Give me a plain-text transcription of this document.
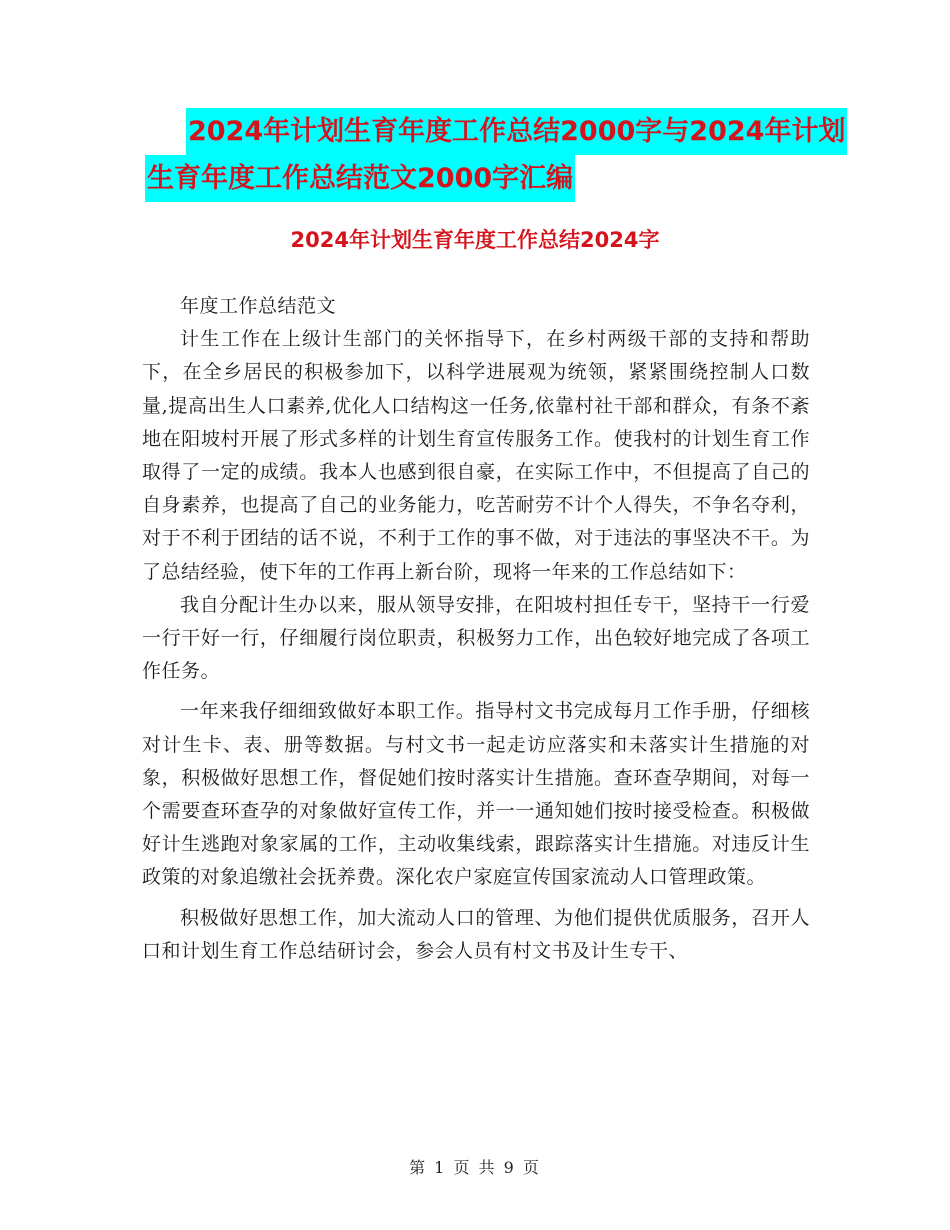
2024年计划生育年度工作总结2000字与2024年计划
生育年度工作总结范文2000字汇编
2024年计划生育年度工作总结2024字

年度工作总结范文

计生工作在上级计生部门的关怀指导下，在乡村两级干部的支持和帮助下，在全乡居民的积极参加下，以科学进展观为统领，紧紧围绕控制人口数量,提高出生人口素养,优化人口结构这一任务,依靠村社干部和群众，有条不紊地在阳坡村开展了形式多样的计划生育宣传服务工作。使我村的计划生育工作取得了一定的成绩。我本人也感到很自豪，在实际工作中，不但提高了自己的自身素养，也提高了自己的业务能力，吃苦耐劳不计个人得失，不争名夺利，对于不利于团结的话不说，不利于工作的事不做，对于违法的事坚决不干。为了总结经验，使下年的工作再上新台阶，现将一年来的工作总结如下：

我自分配计生办以来，服从领导安排，在阳坡村担任专干，坚持干一行爱一行干好一行，仔细履行岗位职责，积极努力工作，出色较好地完成了各项工作任务。

一年来我仔细细致做好本职工作。指导村文书完成每月工作手册，仔细核对计生卡、表、册等数据。与村文书一起走访应落实和未落实计生措施的对象，积极做好思想工作，督促她们按时落实计生措施。查环查孕期间，对每一个需要查环查孕的对象做好宣传工作，并一一通知她们按时接受检查。积极做好计生逃跑对象家属的工作，主动收集线索，跟踪落实计生措施。对违反计生政策的对象追缴社会抚养费。深化农户家庭宣传国家流动人口管理政策。

积极做好思想工作，加大流动人口的管理、为他们提供优质服务，召开人口和计划生育工作总结研讨会，参会人员有村文书及计生专干、

第 1 页 共 9 页
